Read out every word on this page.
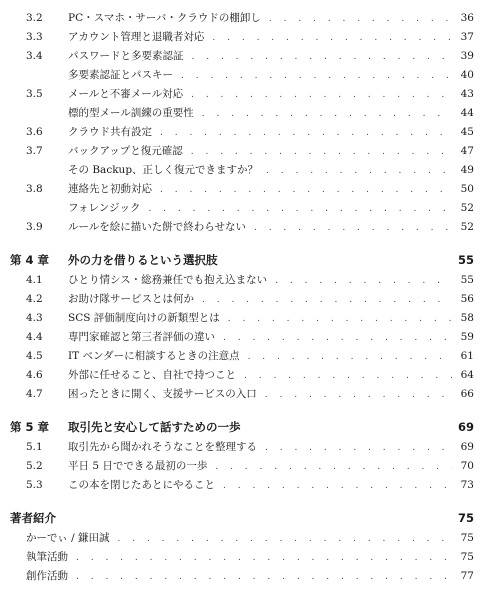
3.2 PC・スマホ・サーバ・クラウドの棚卸し . . .	36
3.3 アカウント管理と退職者対応 . . .	37
3.4 パスワードと多要素認証 . . .	39
多要素認証とパスキー . . .	40
3.5 メールと不審メール対応 . . .	43
標的型メール訓練の重要性 . . .	44
3.6 クラウド共有設定 . . .	45
3.7 バックアップと復元確認 . . .	47
その Backup、正しく復元できますか？ . . .	49
3.8 連絡先と初動対応 . . .	50
フォレンジック . . .	52
3.9 ルールを絵に描いた餅で終わらせない . . .	52
第 4 章 外の力を借りるという選択肢	55
4.1 ひとり情シス・総務兼任でも抱え込まない . . .	55
4.2 お助け隊サービスとは何か . . .	56
4.3 SCS 評価制度向けの新類型とは . . .	58
4.4 専門家確認と第三者評価の違い . . .	59
4.5 IT ベンダーに相談するときの注意点 . . .	61
4.6 外部に任せること、自社で持つこと . . .	64
4.7 困ったときに開く、支援サービスの入口 . . .	66
第 5 章 取引先と安心して話すための一歩	69
5.1 取引先から聞かれそうなことを整理する . . .	69
5.2 平日 5 日でできる最初の一歩 . . .	70
5.3 この本を閉じたあとにやること . . .	73
著者紹介	75
かーでぃ / 鎌田誠 . . .	75
執筆活動 . . .	75
創作活動 . . .	77
